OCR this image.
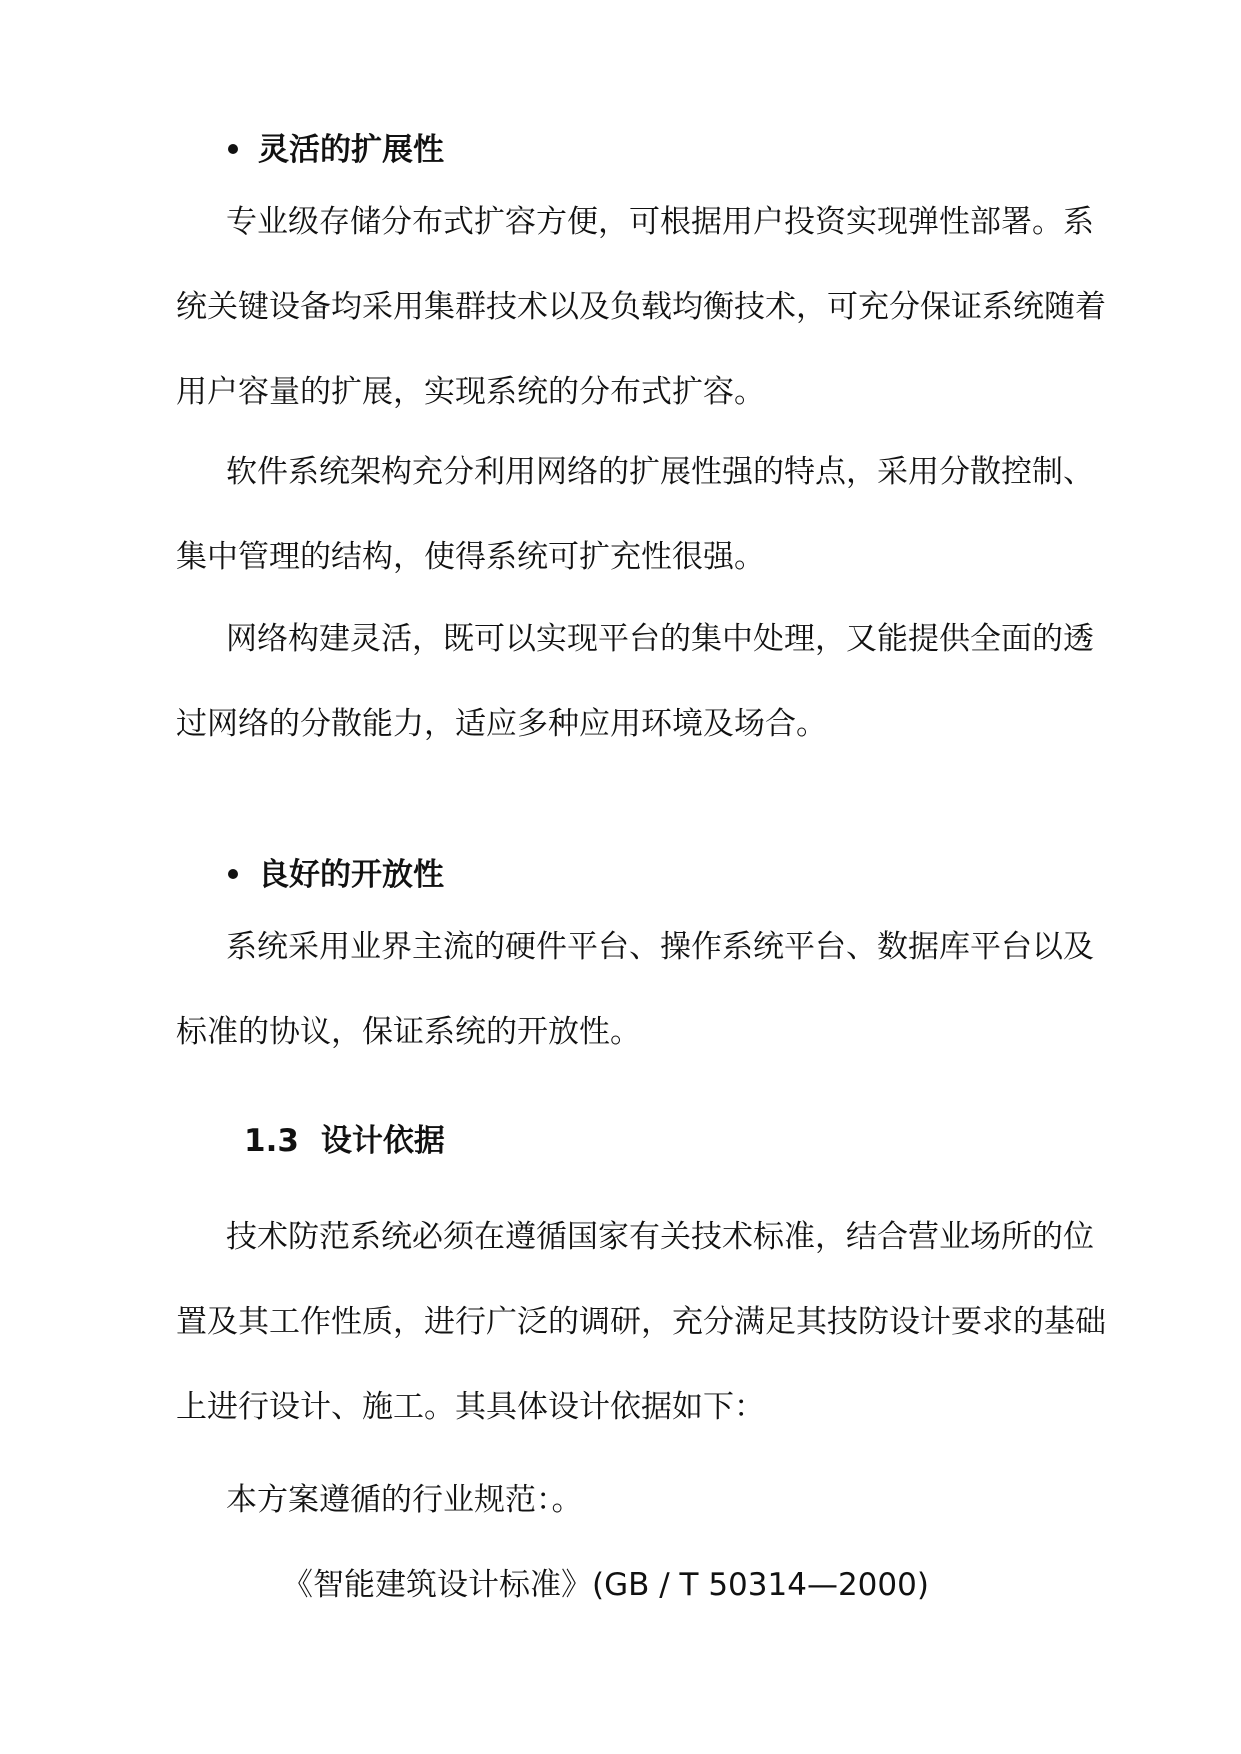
灵活的扩展性

专业级存储分布式扩容方便，可根据用户投资实现弹性部署。系统关键设备均采用集群技术以及负载均衡技术，可充分保证系统随着用户容量的扩展，实现系统的分布式扩容。

软件系统架构充分利用网络的扩展性强的特点，采用分散控制、集中管理的结构，使得系统可扩充性很强。

网络构建灵活，既可以实现平台的集中处理，又能提供全面的透过网络的分散能力，适应多种应用环境及场合。

良好的开放性

系统采用业界主流的硬件平台、操作系统平台、数据库平台以及标准的协议，保证系统的开放性。

1.3 设计依据

技术防范系统必须在遵循国家有关技术标准，结合营业场所的位置及其工作性质，进行广泛的调研，充分满足其技防设计要求的基础上进行设计、施工。其具体设计依据如下：

本方案遵循的行业规范：。
《智能建筑设计标准》(GB / T 50314—2000)
